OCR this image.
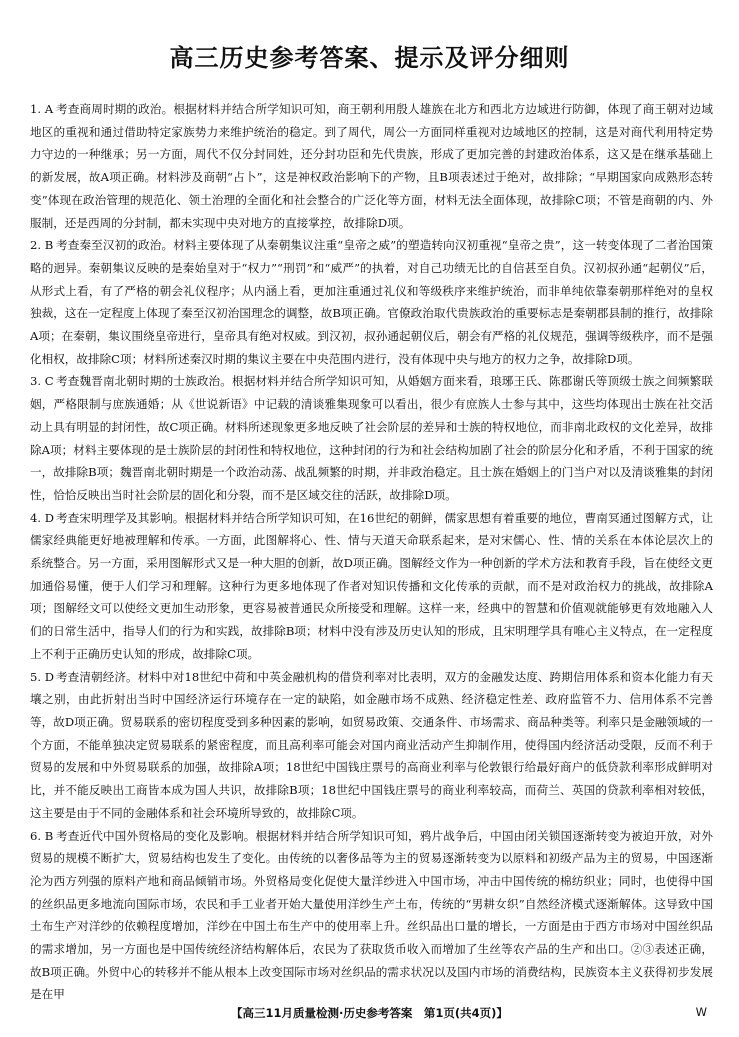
高三历史参考答案、提示及评分细则
1. A 考查商周时期的政治。根据材料并结合所学知识可知，商王朝利用殷人雄族在北方和西北方边域进行防御，体现了商王朝对边域地区的重视和通过借助特定家族势力来维护统治的稳定。到了周代，周公一方面同样重视对边域地区的控制，这是对商代利用特定势力守边的一种继承；另一方面，周代不仅分封同姓，还分封功臣和先代贵族，形成了更加完善的封建政治体系，这又是在继承基础上的新发展，故A项正确。材料涉及商朝“占卜”，这是神权政治影响下的产物，且B项表述过于绝对，故排除；“早期国家向成熟形态转变”体现在政治管理的规范化、领土治理的全面化和社会整合的广泛化等方面，材料无法全面体现，故排除C项；不管是商朝的内、外服制，还是西周的分封制，都未实现中央对地方的直接掌控，故排除D项。
2. B 考查秦至汉初的政治。材料主要体现了从秦朝集议注重“皇帝之威”的塑造转向汉初重视“皇帝之贵”，这一转变体现了二者治国策略的迥异。秦朝集议反映的是秦始皇对于“权力”“刑罚”和“威严”的执着，对自己功绩无比的自信甚至自负。汉初叔孙通“起朝仪”后，从形式上看，有了严格的朝会礼仪程序；从内涵上看，更加注重通过礼仪和等级秩序来维护统治，而非单纯依靠秦朝那样绝对的皇权独裁，这在一定程度上体现了秦至汉初治国理念的调整，故B项正确。官僚政治取代贵族政治的重要标志是秦朝郡县制的推行，故排除A项；在秦朝，集议围绕皇帝进行，皇帝具有绝对权威。到汉初，叔孙通起朝仪后，朝会有严格的礼仪规范，强调等级秩序，而不是强化相权，故排除C项；材料所述秦汉时期的集议主要在中央范围内进行，没有体现中央与地方的权力之争，故排除D项。
3. C 考查魏晋南北朝时期的士族政治。根据材料并结合所学知识可知，从婚姻方面来看，琅琊王氏、陈郡谢氏等顶级士族之间频繁联姻，严格限制与庶族通婚；从《世说新语》中记载的清谈雅集现象可以看出，很少有庶族人士参与其中，这些均体现出士族在社交活动上具有明显的封闭性，故C项正确。材料所述现象更多地反映了社会阶层的差异和士族的特权地位，而非南北政权的文化差异，故排除A项；材料主要体现的是士族阶层的封闭性和特权地位，这种封闭的行为和社会结构加剧了社会的阶层分化和矛盾，不利于国家的统一，故排除B项；魏晋南北朝时期是一个政治动荡、战乱频繁的时期，并非政治稳定。且士族在婚姻上的门当户对以及清谈雅集的封闭性，恰恰反映出当时社会阶层的固化和分裂，而不是区域交往的活跃，故排除D项。
4. D 考查宋明理学及其影响。根据材料并结合所学知识可知，在16世纪的朝鲜，儒家思想有着重要的地位，曹南冥通过图解方式，让儒家经典能更好地被理解和传承。一方面，此图解将心、性、情与天道天命联系起来，是对宋儒心、性、情的关系在本体论层次上的系统整合。另一方面，采用图解形式又是一种大胆的创新，故D项正确。图解经文作为一种创新的学术方法和教育手段，旨在使经文更加通俗易懂，便于人们学习和理解。这种行为更多地体现了作者对知识传播和文化传承的贡献，而不是对政治权力的挑战，故排除A项；图解经文可以使经文更加生动形象，更容易被普通民众所接受和理解。这样一来，经典中的智慧和价值观就能够更有效地融入人们的日常生活中，指导人们的行为和实践，故排除B项；材料中没有涉及历史认知的形成，且宋明理学具有唯心主义特点，在一定程度上不利于正确历史认知的形成，故排除C项。
5. D 考查清朝经济。材料中对18世纪中荷和中英金融机构的借贷利率对比表明，双方的金融发达度、跨期信用体系和资本化能力有天壤之别，由此折射出当时中国经济运行环境存在一定的缺陷，如金融市场不成熟、经济稳定性差、政府监管不力、信用体系不完善等，故D项正确。贸易联系的密切程度受到多种因素的影响，如贸易政策、交通条件、市场需求、商品种类等。利率只是金融领域的一个方面，不能单独决定贸易联系的紧密程度，而且高利率可能会对国内商业活动产生抑制作用，使得国内经济活动受限，反而不利于贸易的发展和中外贸易联系的加强，故排除A项；18世纪中国钱庄票号的高商业利率与伦敦银行给最好商户的低贷款利率形成鲜明对比，并不能反映出工商皆本成为国人共识，故排除B项；18世纪中国钱庄票号的商业利率较高，而荷兰、英国的贷款利率相对较低，这主要是由于不同的金融体系和社会环境所导致的，故排除C项。
6. B 考查近代中国外贸格局的变化及影响。根据材料并结合所学知识可知，鸦片战争后，中国由闭关锁国逐渐转变为被迫开放，对外贸易的规模不断扩大，贸易结构也发生了变化。由传统的以奢侈品等为主的贸易逐渐转变为以原料和初级产品为主的贸易，中国逐渐沦为西方列强的原料产地和商品倾销市场。外贸格局变化促使大量洋纱进入中国市场，冲击中国传统的棉纺织业；同时，也使得中国的丝织品更多地流向国际市场，农民和手工业者开始大量使用洋纱生产土布，传统的“男耕女织”自然经济模式逐渐解体。这导致中国土布生产对洋纱的依赖程度增加，洋纱在中国土布生产中的使用率上升。丝织品出口量的增长，一方面是由于西方市场对中国丝织品的需求增加，另一方面也是中国传统经济结构解体后，农民为了获取货币收入而增加了生丝等农产品的生产和出口。②③表述正确，故B项正确。外贸中心的转移并不能从根本上改变国际市场对丝织品的需求状况以及国内市场的消费结构，民族资本主义获得初步发展是在甲
【高三11月质量检测·历史参考答案　第1页(共4页)】	W
